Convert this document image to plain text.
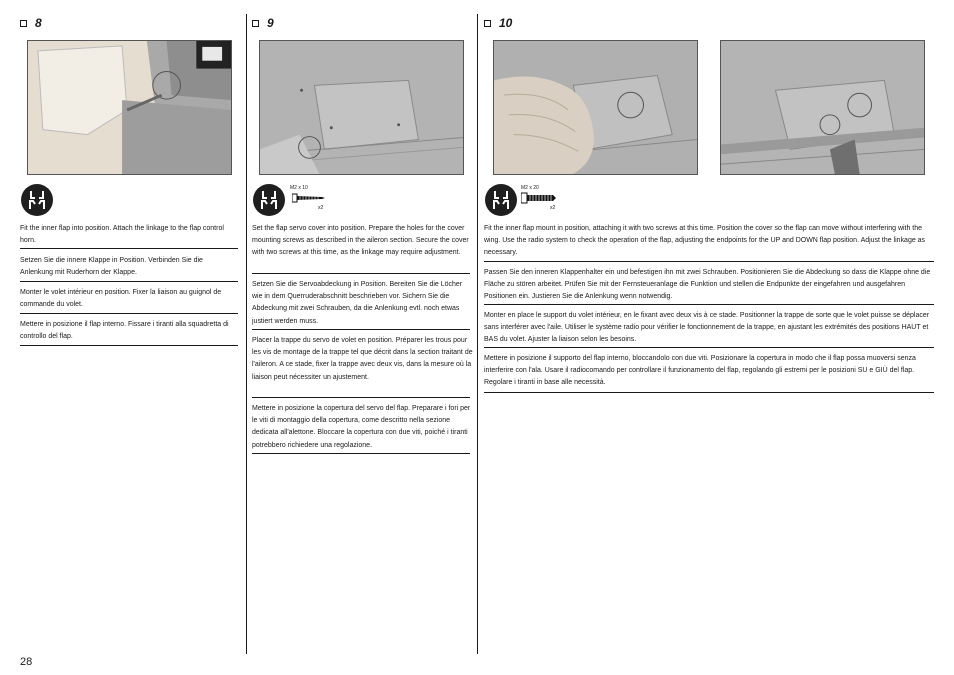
8
Fit the inner flap into position. Attach the linkage to the flap control horn.
Setzen Sie die innere Klappe in Position. Verbinden Sie die Anlenkung mit Ruderhorn der Klappe.
Monter le volet intérieur en position. Fixer la liaison au guignol de commande du volet.
Mettere in posizione il flap interno. Fissare i tiranti alla squadretta di controllo del flap.
9
M2 x 10
x2
Set the flap servo cover into position. Prepare the holes for the cover mounting screws as described in the aileron section. Secure the cover with two screws at this time, as the linkage may require adjustment.
Setzen Sie die Servoabdeckung in Position. Bereiten Sie die Löcher wie in dem Querruderabschnitt beschrieben vor. Sichern Sie die Abdeckung mit zwei Schrauben, da die Anlenkung evtl. noch etwas justiert werden muss.
Placer la trappe du servo de volet en position. Préparer les trous pour les vis de montage de la trappe tel que décrit dans la section traitant de l'aileron. A ce stade, fixer la trappe avec deux vis, dans la mesure où la liaison peut nécessiter un ajustement.
Mettere in posizione la copertura del servo del flap. Preparare i fori per le viti di montaggio della copertura, come descritto nella sezione dedicata all'alettone. Bloccare la copertura con due viti, poiché i tiranti potrebbero richiedere una regolazione.
10
M2 x 20
x2
Fit the inner flap mount in position, attaching it with two screws at this time. Position the cover so the flap can move without interfering with the wing. Use the radio system to check the operation of the flap, adjusting the endpoints for the UP and DOWN flap position. Adjust the linkage as necessary.
Passen Sie den inneren Klappenhalter ein und befestigen ihn mit zwei Schrauben. Positionieren Sie die Abdeckung so dass die Klappe ohne die Fläche zu stören arbeitet. Prüfen Sie mit der Fernsteueranlage die Funktion und stellen die Endpunkte der eingefahren und ausgefahren Positionen ein. Justieren Sie die Anlenkung wenn notwendig.
Monter en place le support du volet intérieur, en le fixant avec deux vis à ce stade. Positionner la trappe de sorte que le volet puisse se déplacer sans interférer avec l'aile. Utiliser le système radio pour vérifier le fonctionnement de la trappe, en ajustant les extrémités des positions HAUT et BAS du volet. Ajuster la liaison selon les besoins.
Mettere in posizione il supporto del flap interno, bloccandolo con due viti. Posizionare la copertura in modo che il flap possa muoversi senza interferire con l'ala. Usare il radiocomando per controllare il funzionamento del flap, regolando gli estremi per le posizioni SU e GIÙ del flap. Regolare i tiranti in base alle necessità.
28
